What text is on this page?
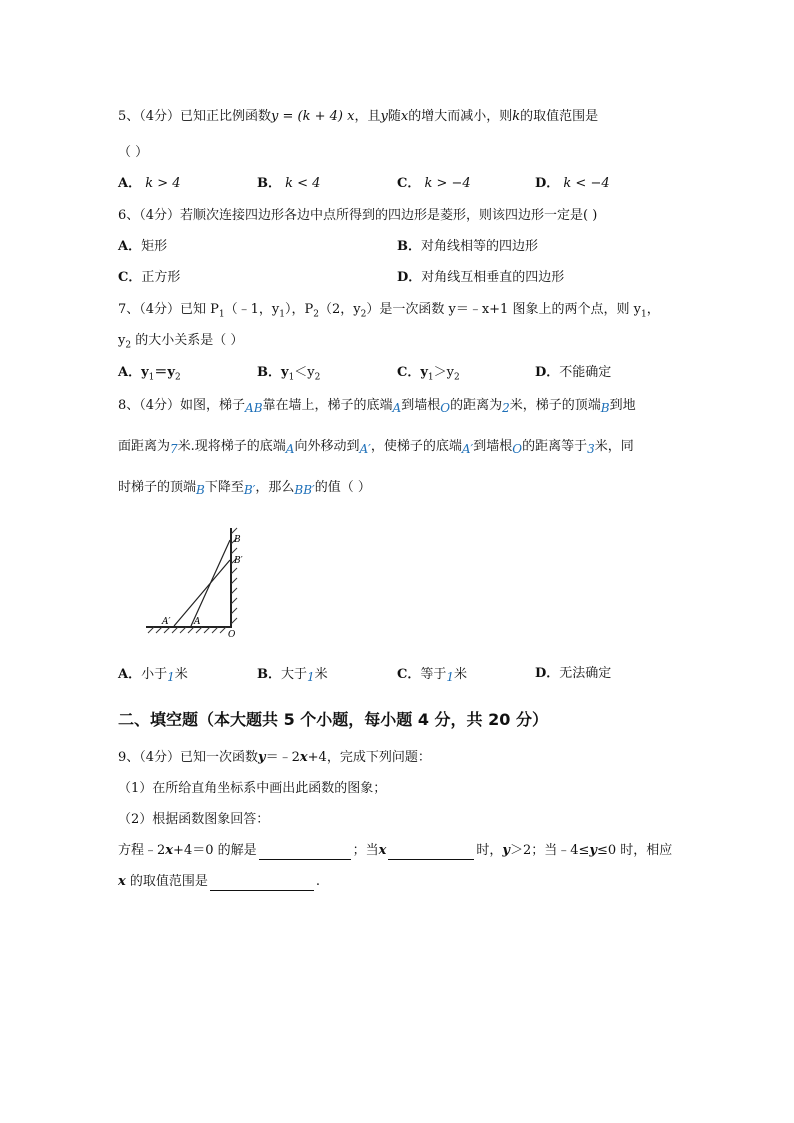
5、（4分）已知正比例函数y = (k + 4) x，且y随x的增大而减小，则k的取值范围是
（ ）
A． k > 4	B． k < 4	C． k > −4	D． k < −4
6、（4分）若顺次连接四边形各边中点所得到的四边形是菱形，则该四边形一定是( )
A．矩形	B．对角线相等的四边形
C．正方形	D．对角线互相垂直的四边形
7、（4分）已知 $P_1(﹣1$，$y_1$），$P_2(2$，$y_2$）是一次函数 y＝﹣x+1 图象上的两个点，则 $y_1$，
$y_2$ 的大小关系是（ ）
A．$y_1=y_2$	B．$y_1<y_2$	C．$y_1>y_2$	D．不能确定
8、（4分）如图，梯子AB靠在墙上，梯子的底端A到墙根O的距离为2米，梯子的顶端B到地
面距离为7米.现将梯子的底端A向外移动到A′，使梯子的底端A′到墙根O的距离等于3米，同
时梯子的顶端B下降至B′，那么BB′的值（ ）
B
B′
A′	A
O
A．小于1米	B．大于1米	C．等于1米	D．无法确定
二、填空题（本大题共 5 个小题，每小题 4 分，共 20 分）
9、（4分）已知一次函数y＝﹣2x+4，完成下列问题：
（1）在所给直角坐标系中画出此函数的图象；
（2）根据函数图象回答：
方程﹣2x+4＝0 的解是	；当x	时，y＞2；当﹣4≤y≤0 时，相应
x 的取值范围是	.
